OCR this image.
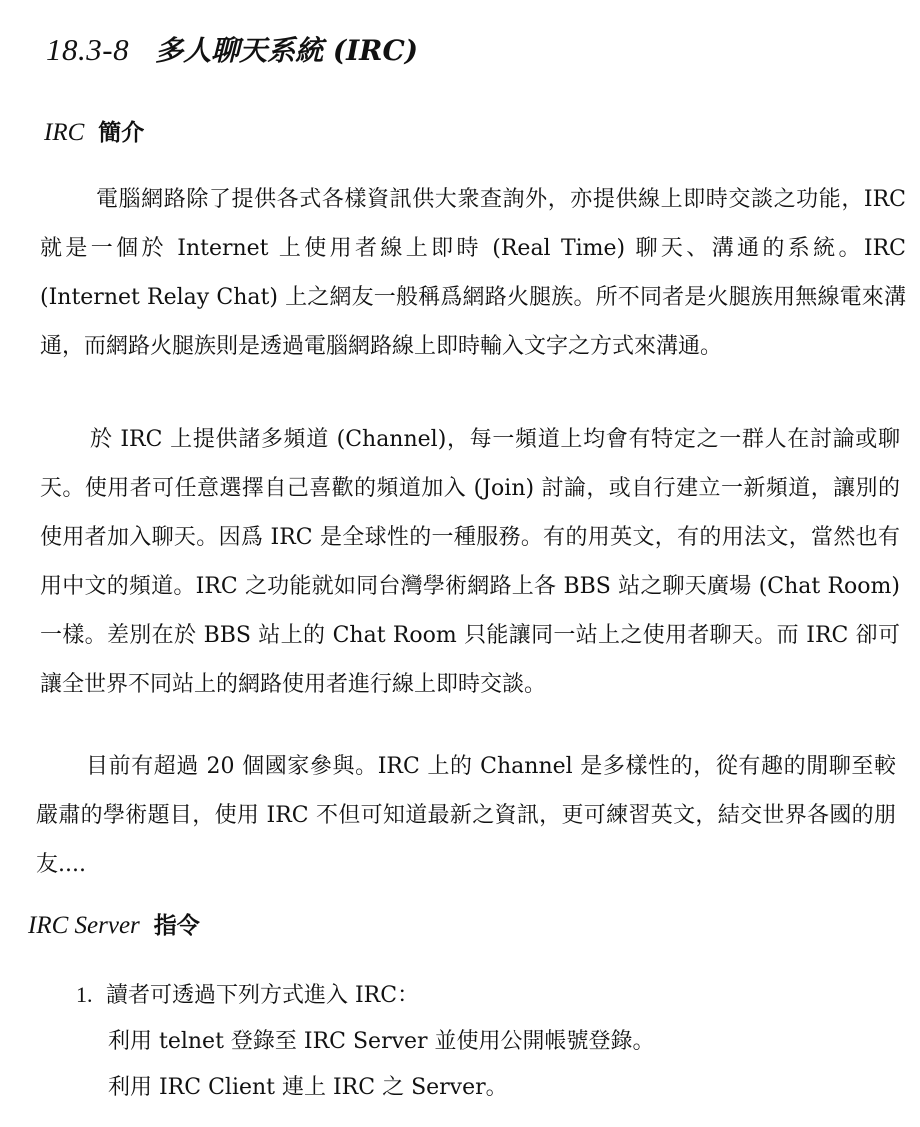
18.3-8 多人聊天系統 (IRC)
IRC 簡介

電腦網路除了提供各式各樣資訊供大衆查詢外，亦提供線上即時交談之功能，IRC 就是一個於 Internet 上使用者線上即時 (Real Time) 聊天、溝通的系統。IRC (Internet Relay Chat) 上之網友一般稱爲網路火腿族。所不同者是火腿族用無線電來溝通，而網路火腿族則是透過電腦網路線上即時輸入文字之方式來溝通。

於 IRC 上提供諸多頻道 (Channel)，每一頻道上均會有特定之一群人在討論或聊天。使用者可任意選擇自己喜歡的頻道加入 (Join) 討論，或自行建立一新頻道，讓別的使用者加入聊天。因爲 IRC 是全球性的一種服務。有的用英文，有的用法文，當然也有用中文的頻道。IRC 之功能就如同台灣學術網路上各 BBS 站之聊天廣場 (Chat Room) 一樣。差別在於 BBS 站上的 Chat Room 只能讓同一站上之使用者聊天。而 IRC 卻可讓全世界不同站上的網路使用者進行線上即時交談。

目前有超過 20 個國家參與。IRC 上的 Channel 是多樣性的，從有趣的閒聊至較嚴肅的學術題目，使用 IRC 不但可知道最新之資訊，更可練習英文，結交世界各國的朋友....

IRC Server 指令
1. 讀者可透過下列方式進入 IRC：
利用 telnet 登錄至 IRC Server 並使用公開帳號登錄。
利用 IRC Client 連上 IRC 之 Server。
